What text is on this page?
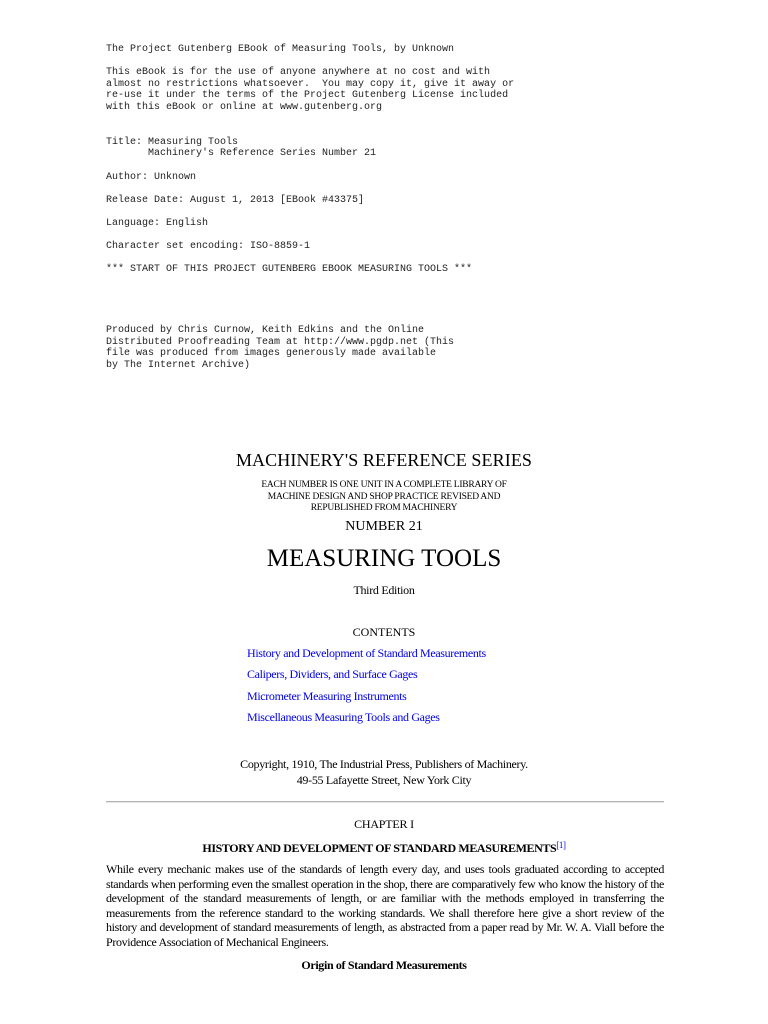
The Project Gutenberg EBook of Measuring Tools, by Unknown

This eBook is for the use of anyone anywhere at no cost and with
almost no restrictions whatsoever.  You may copy it, give it away or
re-use it under the terms of the Project Gutenberg License included
with this eBook or online at www.gutenberg.org

Title: Measuring Tools
Machinery's Reference Series Number 21

Author: Unknown

Release Date: August 1, 2013 [EBook #43375]

Language: English

Character set encoding: ISO-8859-1

*** START OF THIS PROJECT GUTENBERG EBOOK MEASURING TOOLS ***
Produced by Chris Curnow, Keith Edkins and the Online
Distributed Proofreading Team at http://www.pgdp.net (This
file was produced from images generously made available
by The Internet Archive)
MACHINERY'S REFERENCE SERIES
EACH NUMBER IS ONE UNIT IN A COMPLETE LIBRARY OF
MACHINE DESIGN AND SHOP PRACTICE REVISED AND
REPUBLISHED FROM MACHINERY
NUMBER 21
MEASURING TOOLS
Third Edition
CONTENTS
History and Development of Standard Measurements
Calipers, Dividers, and Surface Gages
Micrometer Measuring Instruments
Miscellaneous Measuring Tools and Gages
Copyright, 1910, The Industrial Press, Publishers of Machinery.
49-55 Lafayette Street, New York City
CHAPTER I
HISTORY AND DEVELOPMENT OF STANDARD MEASUREMENTS[1]

While every mechanic makes use of the standards of length every day, and uses tools graduated according to accepted standards when performing even the smallest operation in the shop, there are comparatively few who know the history of the development of the standard measurements of length, or are familiar with the methods employed in transferring the measurements from the reference standard to the working standards. We shall therefore here give a short review of the history and development of standard measurements of length, as abstracted from a paper read by Mr. W. A. Viall before the Providence Association of Mechanical Engineers.

Origin of Standard Measurements
